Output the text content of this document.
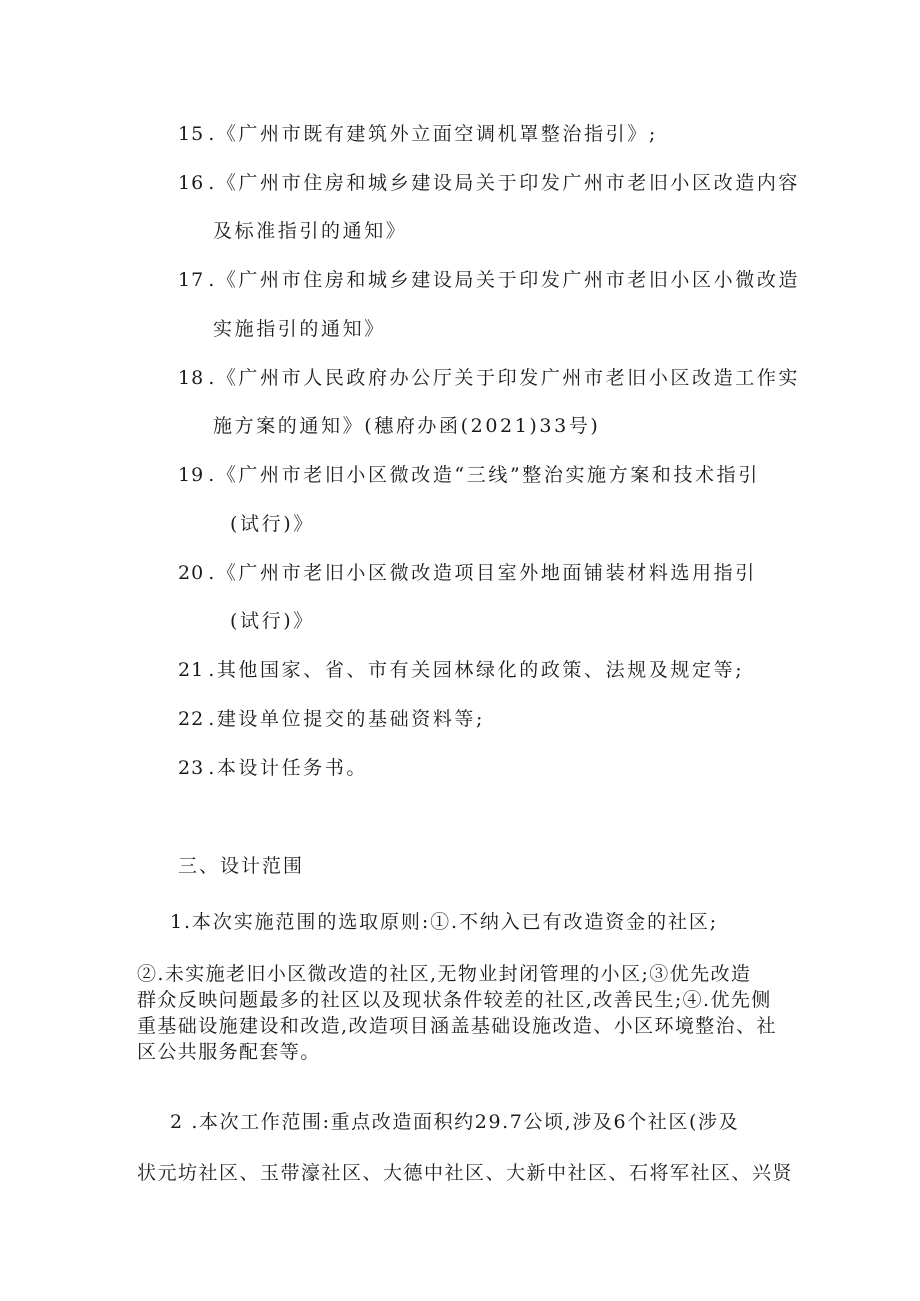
15 .《广州市既有建筑外立面空调机罩整治指引》;
16 .《广州市住房和城乡建设局关于印发广州市老旧小区改造内容
及标准指引的通知》
17 .《广州市住房和城乡建设局关于印发广州市老旧小区小微改造
实施指引的通知》
18 .《广州市人民政府办公厅关于印发广州市老旧小区改造工作实
施方案的通知》(穗府办函(2021)33号)
19 .《广州市老旧小区微改造“三线”整治实施方案和技术指引
(试行)》
20 .《广州市老旧小区微改造项目室外地面铺装材料选用指引
(试行)》
21 .其他国家、省、市有关园林绿化的政策、法规及规定等;
22 .建设单位提交的基础资料等;
23 .本设计任务书。
三、设计范围
1.本次实施范围的选取原则:①.不纳入已有改造资金的社区;
②.未实施老旧小区微改造的社区,无物业封闭管理的小区;③优先改造
群众反映问题最多的社区以及现状条件较差的社区,改善民生;④.优先侧
重基础设施建设和改造,改造项目涵盖基础设施改造、小区环境整治、社
区公共服务配套等。
2 .本次工作范围:重点改造面积约29.7公顷,涉及6个社区(涉及
状元坊社区、玉带濠社区、大德中社区、大新中社区、石将军社区、兴贤
